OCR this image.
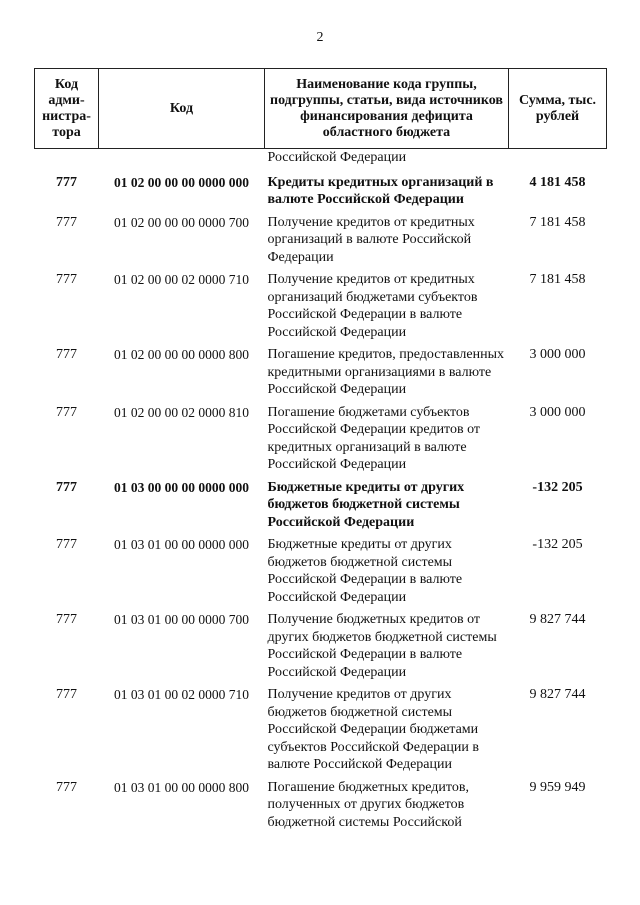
2
Код адми-нистра-тора	Код	Наименование кода группы, подгруппы, статьи, вида источников финансирования дефицита областного бюджета	Сумма, тыс. рублей
		Российской Федерации	
777	01 02 00 00 00 0000 000	Кредиты кредитных организаций в валюте Российской Федерации	4 181 458
777	01 02 00 00 00 0000 700	Получение кредитов от кредитных организаций в валюте Российской Федерации	7 181 458
777	01 02 00 00 02 0000 710	Получение кредитов от кредитных организаций бюджетами субъектов Российской Федерации в валюте Российской Федерации	7 181 458
777	01 02 00 00 00 0000 800	Погашение кредитов, предоставленных кредитными организациями в валюте Российской Федерации	3 000 000
777	01 02 00 00 02 0000 810	Погашение бюджетами субъектов Российской Федерации кредитов от кредитных организаций в валюте Российской Федерации	3 000 000
777	01 03 00 00 00 0000 000	Бюджетные кредиты от других бюджетов бюджетной системы Российской Федерации	-132 205
777	01 03 01 00 00 0000 000	Бюджетные кредиты от других бюджетов бюджетной системы Российской Федерации в валюте Российской Федерации	-132 205
777	01 03 01 00 00 0000 700	Получение бюджетных кредитов от других бюджетов бюджетной системы Российской Федерации в валюте Российской Федерации	9 827 744
777	01 03 01 00 02 0000 710	Получение кредитов от других бюджетов бюджетной системы Российской Федерации бюджетами субъектов Российской Федерации в валюте Российской Федерации	9 827 744
777	01 03 01 00 00 0000 800	Погашение бюджетных кредитов, полученных от других бюджетов бюджетной системы Российской	9 959 949
